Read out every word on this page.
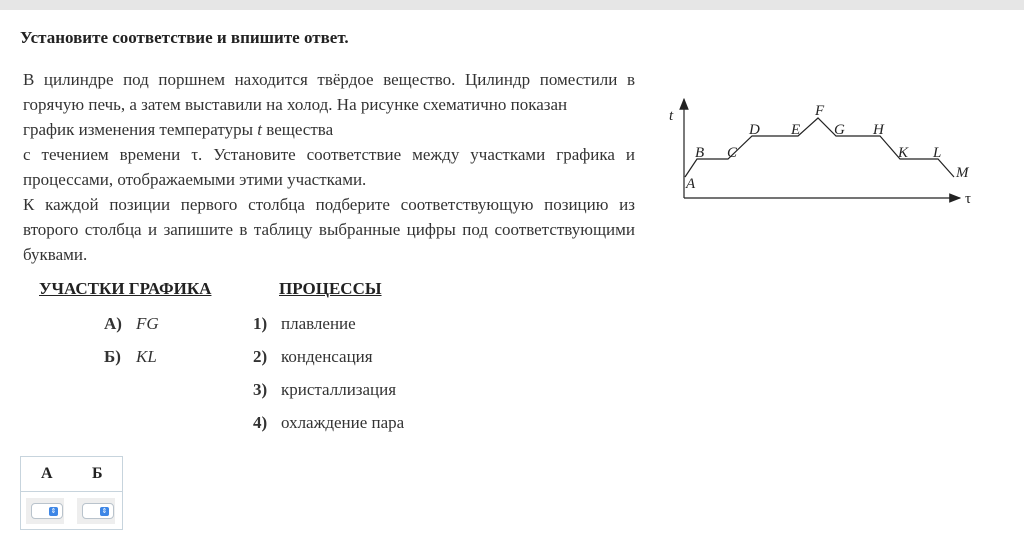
Установите соответствие и впишите ответ.

В цилиндре под поршнем находится твёрдое вещество. Цилиндр поместили в горячую печь, а затем выставили на холод. На рисунке схематично показан

график изменения температуры t вещества

с течением времени τ. Установите соответствие между участками графика и процессами, отображаемыми этими участками.

К каждой позиции первого столбца подберите соответствующую позицию из второго столбца и запишите в таблицу выбранные цифры под соответствующими буквами.

t
τ
A
B C
D E
F
G H
K L
M
УЧАСТКИ ГРАФИКА	ПРОЦЕССЫ
А) FG
Б) KL
1) плавление
2) конденсация
3) кристаллизация
4) охлаждение пара
А Б
⇕	⇕
